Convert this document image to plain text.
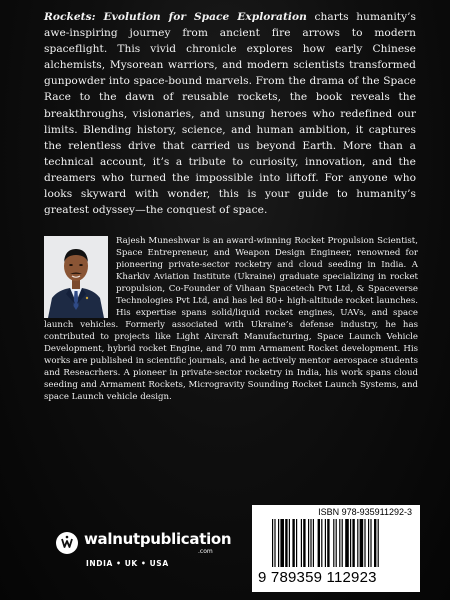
Rockets: Evolution for Space Exploration charts humanity’s awe-inspiring journey from ancient fire arrows to modern spaceflight. This vivid chronicle explores how early Chinese alchemists, Mysorean warriors, and modern scientists transformed gunpowder into space-bound marvels. From the drama of the Space Race to the dawn of reusable rockets, the book reveals the breakthroughs, visionaries, and unsung heroes who redefined our limits. Blending history, science, and human ambition, it captures the relentless drive that carried us beyond Earth. More than a technical account, it’s a tribute to curiosity, innovation, and the dreamers who turned the impossible into liftoff. For anyone who looks skyward with wonder, this is your guide to humanity’s greatest odyssey—the conquest of space.

Rajesh Muneshwar is an award-winning Rocket Propulsion Scientist, Space Entrepreneur, and Weapon Design Engineer, renowned for pioneering private-sector rocketry and cloud seeding in India. A Kharkiv Aviation Institute (Ukraine) graduate specializing in rocket propulsion, Co-Founder of Vihaan Spacetech Pvt Ltd, & Spaceverse Technologies Pvt Ltd, and has led 80+ high-altitude rocket launches. His expertise spans solid/liquid rocket engines, UAVs, and space launch vehicles. Formerly associated with Ukraine’s defense industry, he has contributed to projects like Light Aircraft Manufacturing, Space Launch Vehicle Development, hybrid rocket Engine, and 70 mm Armament Rocket development. His works are published in scientific journals, and he actively mentor aerospace students and Reseacrhers. A pioneer in private-sector rocketry in India, his work spans cloud seeding and Armament Rockets, Microgravity Sounding Rocket Launch Systems, and space Launch vehicle design.

walnutpublication
.com
INDIA • UK • USA
ISBN 978-935911292-3
9 789359 112923
